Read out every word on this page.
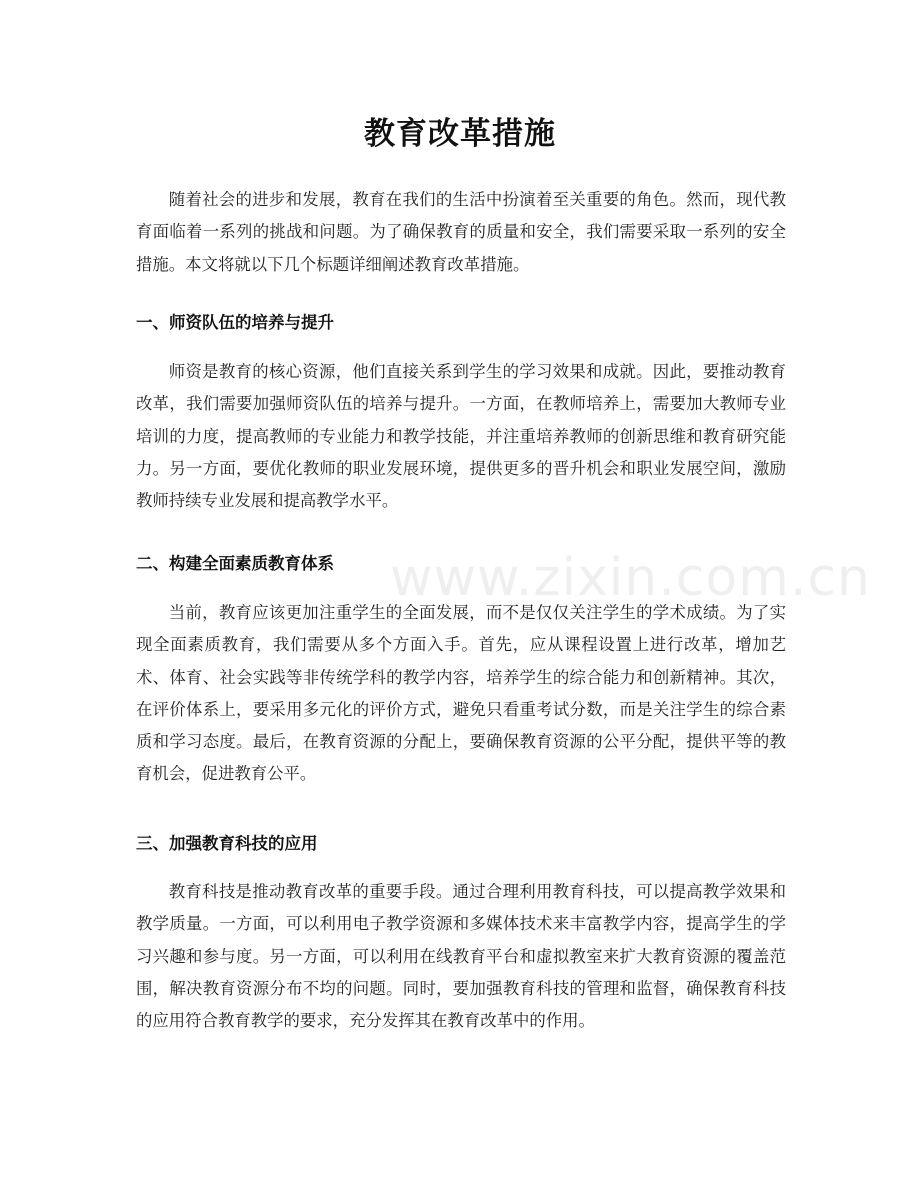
教育改革措施
随着社会的进步和发展，教育在我们的生活中扮演着至关重要的角色。然而，现代教育面临着一系列的挑战和问题。为了确保教育的质量和安全，我们需要采取一系列的安全措施。本文将就以下几个标题详细阐述教育改革措施。
一、师资队伍的培养与提升
师资是教育的核心资源，他们直接关系到学生的学习效果和成就。因此，要推动教育改革，我们需要加强师资队伍的培养与提升。一方面，在教师培养上，需要加大教师专业培训的力度，提高教师的专业能力和教学技能，并注重培养教师的创新思维和教育研究能力。另一方面，要优化教师的职业发展环境，提供更多的晋升机会和职业发展空间，激励教师持续专业发展和提高教学水平。
二、构建全面素质教育体系
当前，教育应该更加注重学生的全面发展，而不是仅仅关注学生的学术成绩。为了实现全面素质教育，我们需要从多个方面入手。首先，应从课程设置上进行改革，增加艺术、体育、社会实践等非传统学科的教学内容，培养学生的综合能力和创新精神。其次，在评价体系上，要采用多元化的评价方式，避免只看重考试分数，而是关注学生的综合素质和学习态度。最后，在教育资源的分配上，要确保教育资源的公平分配，提供平等的教育机会，促进教育公平。
三、加强教育科技的应用
教育科技是推动教育改革的重要手段。通过合理利用教育科技，可以提高教学效果和教学质量。一方面，可以利用电子教学资源和多媒体技术来丰富教学内容，提高学生的学习兴趣和参与度。另一方面，可以利用在线教育平台和虚拟教室来扩大教育资源的覆盖范围，解决教育资源分布不均的问题。同时，要加强教育科技的管理和监督，确保教育科技的应用符合教育教学的要求，充分发挥其在教育改革中的作用。
www.zixin.com.cn
